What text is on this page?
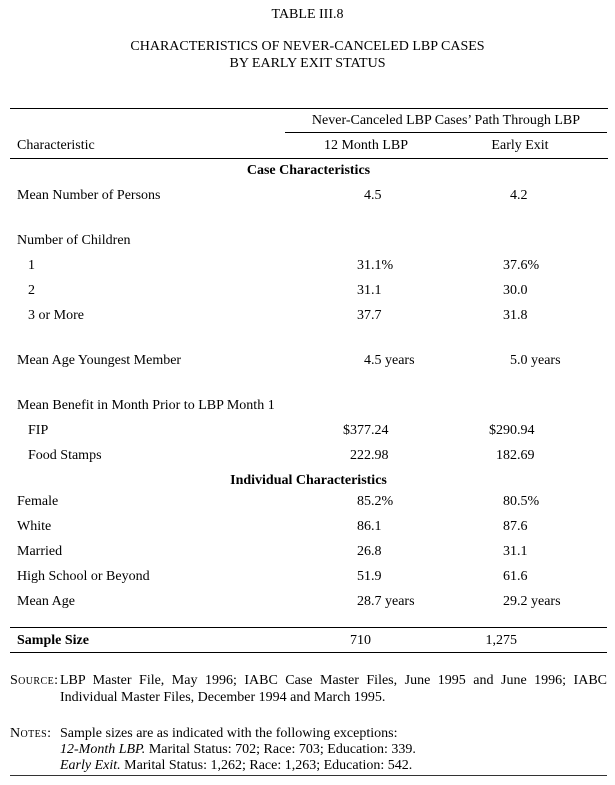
TABLE III.8
CHARACTERISTICS OF NEVER-CANCELED LBP CASES
BY EARLY EXIT STATUS
Never-Canceled LBP Cases’ Path Through LBP
Characteristic	12 Month LBP	Early Exit
Case Characteristics
Mean Number of Persons	4 .5	4 .2
Number of Children
1	31 .1%	37 .6%
2	31 .1	30 .0
3 or More	37 .7	31 .8
Mean Age Youngest Member	4 .5 years	5 .0 years
Mean Benefit in Month Prior to LBP Month 1
FIP	$377 .24	$290 .94
Food Stamps	222 .98	182 .69
Individual Characteristics
Female	85 .2%	80 .5%
White	86 .1	87 .6
Married	26 .8	31 .1
High School or Beyond	51 .9	61 .6
Mean Age	28 .7 years	29 .2 years
Sample Size	710	1,275
Source: LBP Master File, May 1996; IABC Case Master Files, June 1995 and June 1996; IABC
Individual Master Files, December 1994 and March 1995.
Notes: Sample sizes are as indicated with the following exceptions:
12-Month LBP. Marital Status: 702; Race: 703; Education: 339.
Early Exit. Marital Status: 1,262; Race: 1,263; Education: 542.
